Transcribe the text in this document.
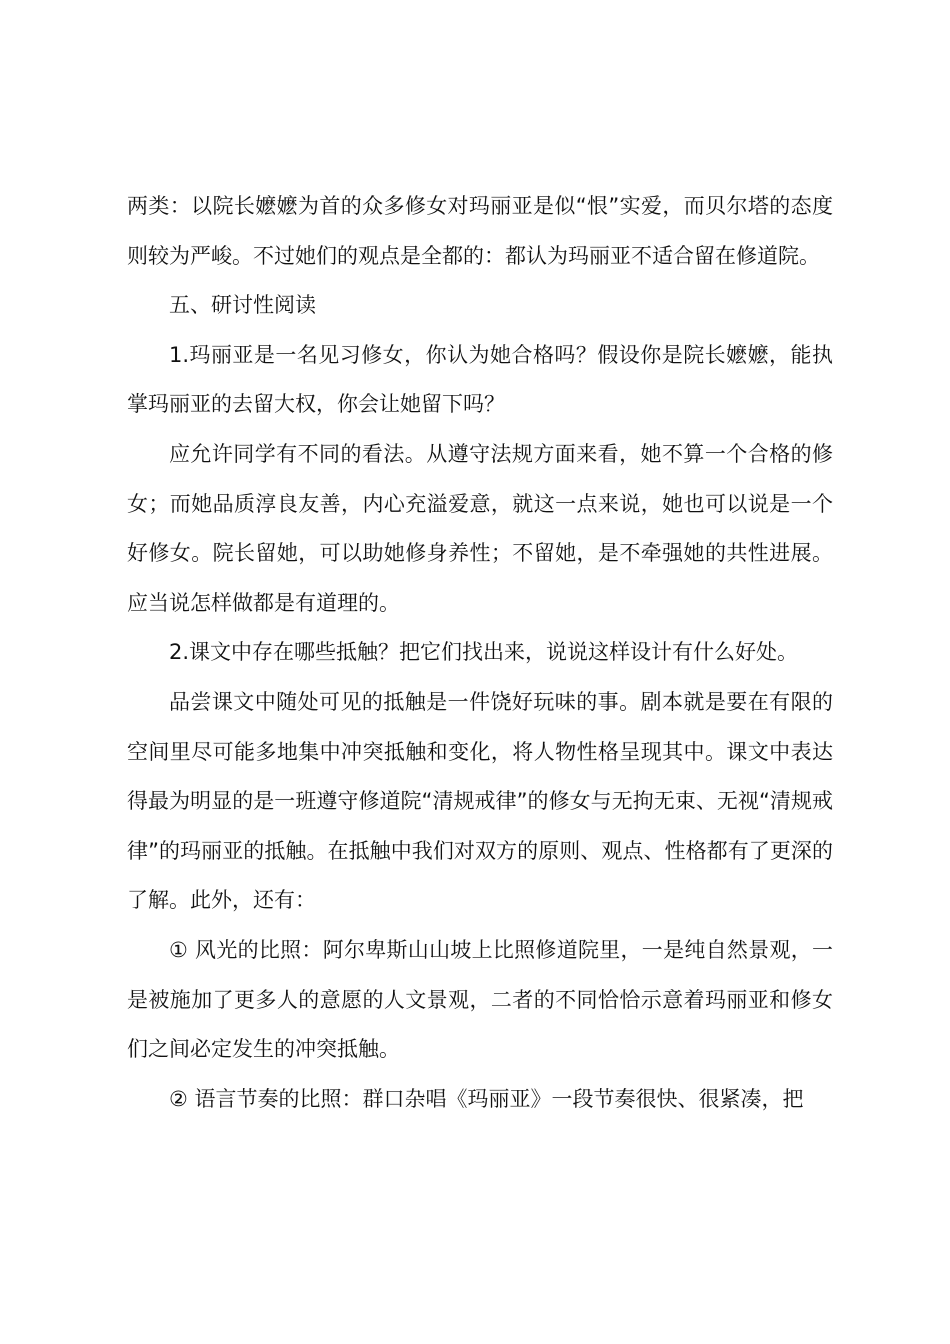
两类：以院长嬷嬷为首的众多修女对玛丽亚是似“恨”实爱，而贝尔塔的态度则较为严峻。不过她们的观点是全都的：都认为玛丽亚不适合留在修道院。

五、研讨性阅读

1.玛丽亚是一名见习修女，你认为她合格吗？假设你是院长嬷嬷，能执掌玛丽亚的去留大权，你会让她留下吗？

应允许同学有不同的看法。从遵守法规方面来看，她不算一个合格的修女；而她品质淳良友善，内心充溢爱意，就这一点来说，她也可以说是一个好修女。院长留她，可以助她修身养性；不留她，是不牵强她的共性进展。应当说怎样做都是有道理的。

2.课文中存在哪些抵触？把它们找出来，说说这样设计有什么好处。

品尝课文中随处可见的抵触是一件饶好玩味的事。剧本就是要在有限的空间里尽可能多地集中冲突抵触和变化，将人物性格呈现其中。课文中表达得最为明显的是一班遵守修道院“清规戒律”的修女与无拘无束、无视“清规戒律”的玛丽亚的抵触。在抵触中我们对双方的原则、观点、性格都有了更深的了解。此外，还有：

① 风光的比照：阿尔卑斯山山坡上比照修道院里，一是纯自然景观，一是被施加了更多人的意愿的人文景观，二者的不同恰恰示意着玛丽亚和修女们之间必定发生的冲突抵触。

② 语言节奏的比照：群口杂唱《玛丽亚》一段节奏很快、很紧凑，把
